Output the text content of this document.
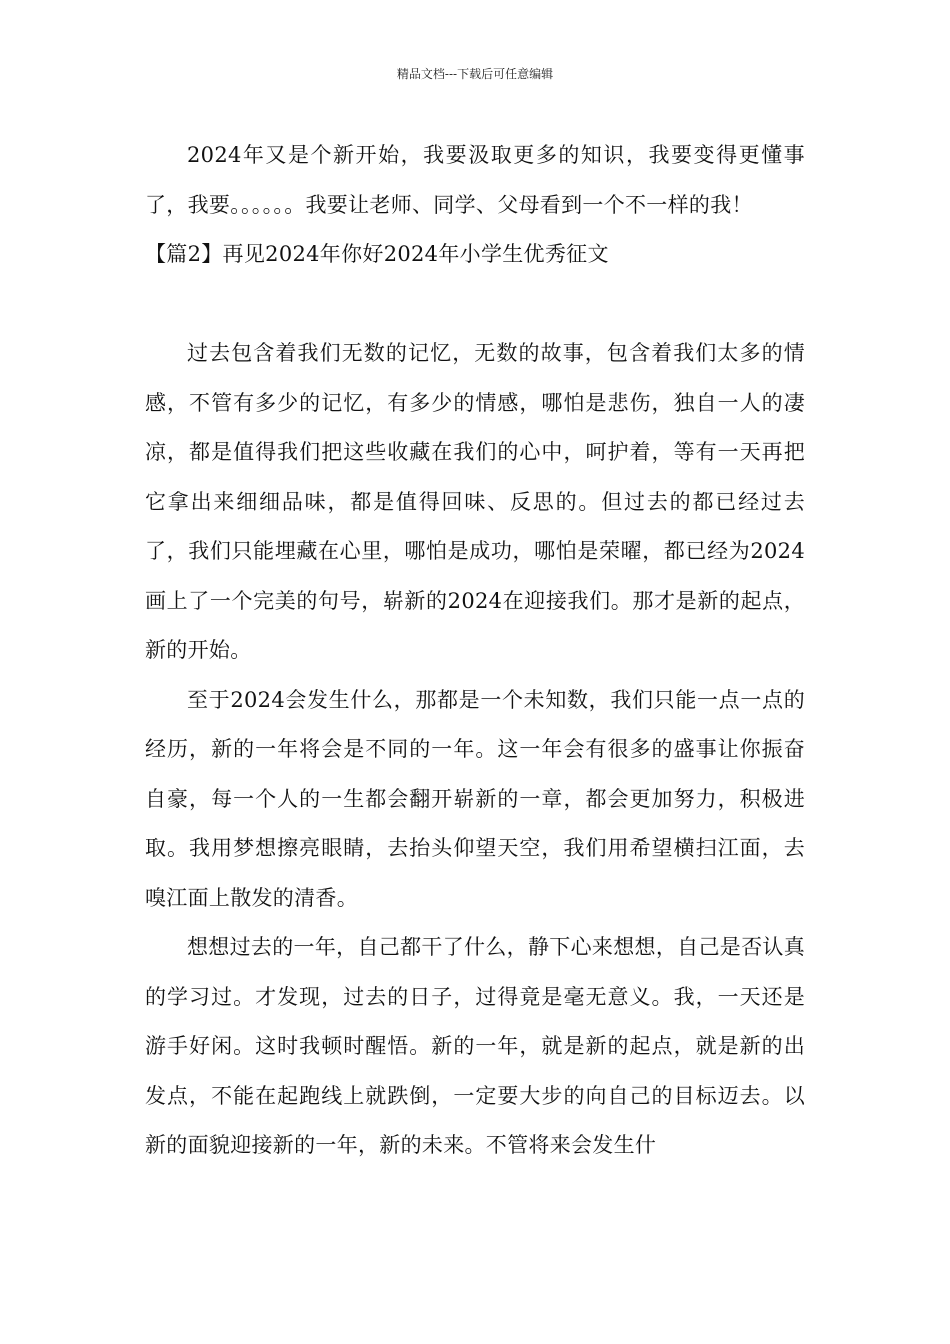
精品文档---下载后可任意编辑

2024年又是个新开始，我要汲取更多的知识，我要变得更懂事了，我要。。。。。。我要让老师、同学、父母看到一个不一样的我！

【篇2】再见2024年你好2024年小学生优秀征文

过去包含着我们无数的记忆，无数的故事，包含着我们太多的情感，不管有多少的记忆，有多少的情感，哪怕是悲伤，独自一人的凄凉，都是值得我们把这些收藏在我们的心中，呵护着，等有一天再把它拿出来细细品味，都是值得回味、反思的。但过去的都已经过去了，我们只能埋藏在心里，哪怕是成功，哪怕是荣曜，都已经为2024画上了一个完美的句号，崭新的2024在迎接我们。那才是新的起点，新的开始。

至于2024会发生什么，那都是一个未知数，我们只能一点一点的经历，新的一年将会是不同的一年。这一年会有很多的盛事让你振奋自豪，每一个人的一生都会翻开崭新的一章，都会更加努力，积极进取。我用梦想擦亮眼睛，去抬头仰望天空，我们用希望横扫江面，去嗅江面上散发的清香。

想想过去的一年，自己都干了什么，静下心来想想，自己是否认真的学习过。才发现，过去的日子，过得竟是毫无意义。我，一天还是游手好闲。这时我顿时醒悟。新的一年，就是新的起点，就是新的出发点，不能在起跑线上就跌倒，一定要大步的向自己的目标迈去。以新的面貌迎接新的一年，新的未来。不管将来会发生什
